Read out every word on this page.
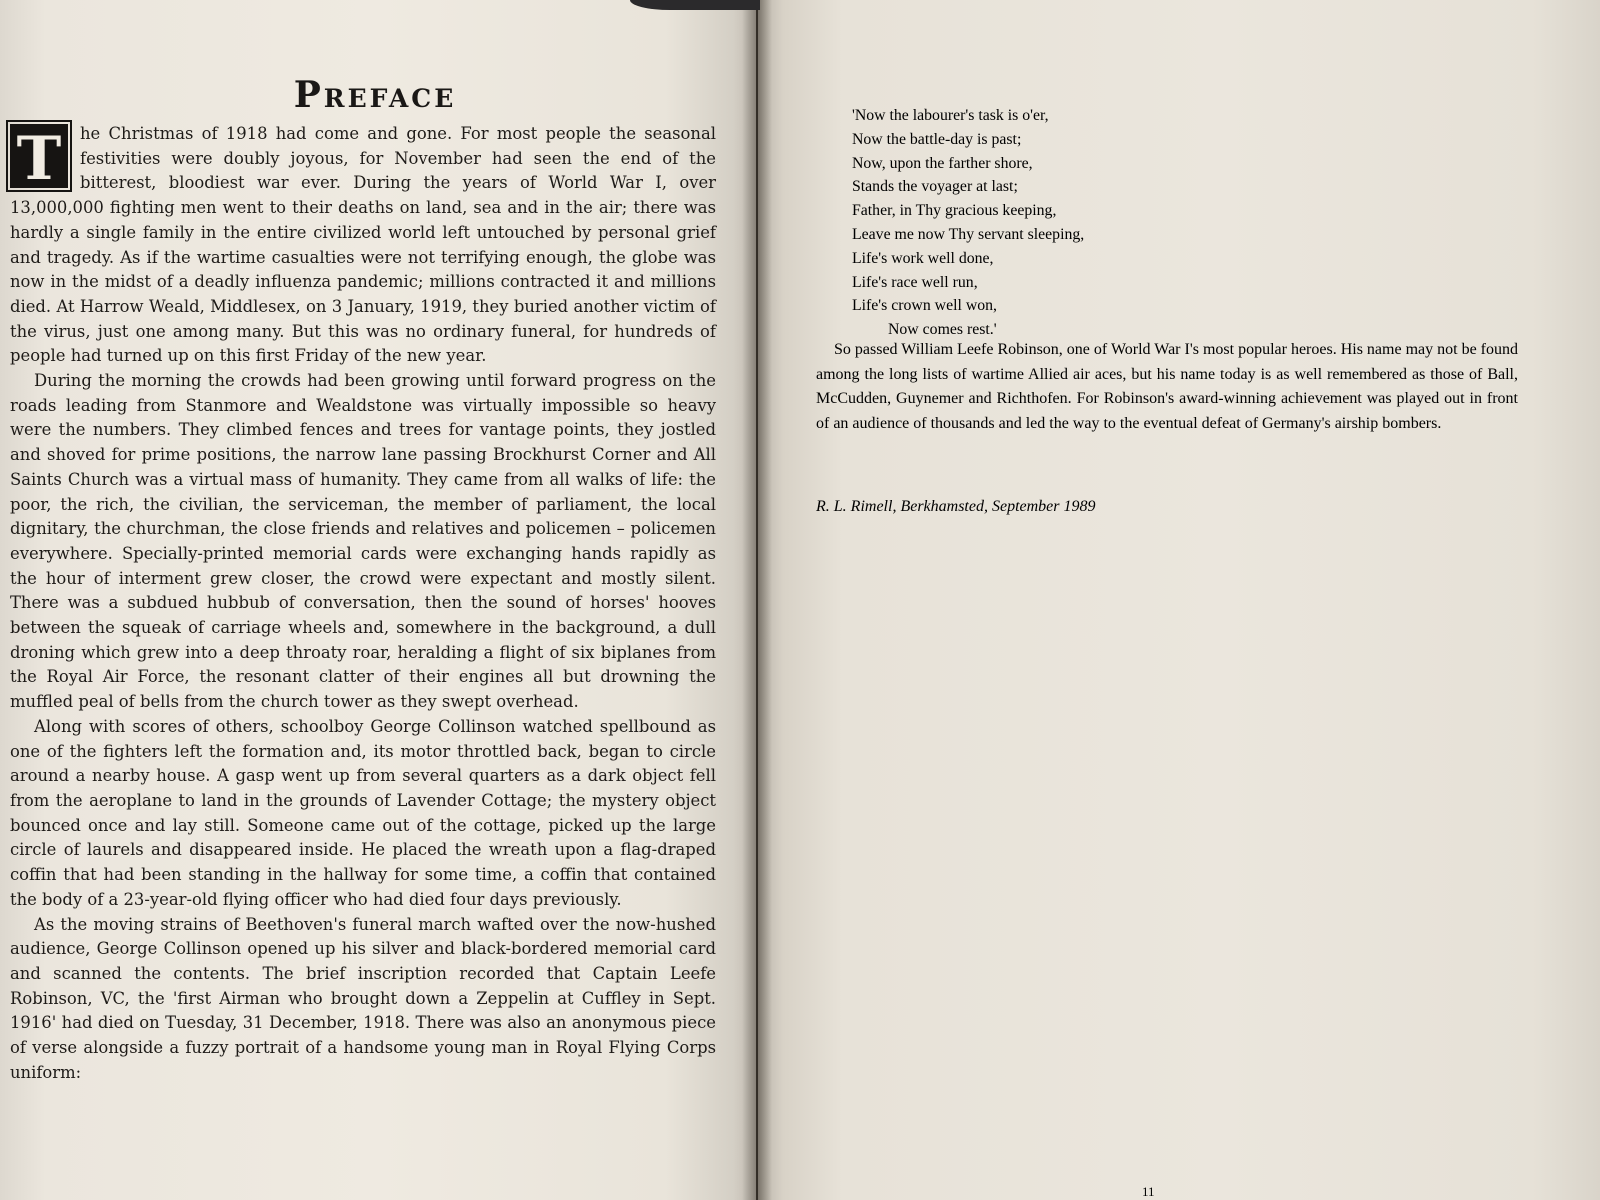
Preface

T	he Christmas of 1918 had come and gone. For most people the seasonal festivities were doubly joyous, for November had seen the end of the bitterest, bloodiest war ever. During the years of World War I, over 13,000,000 fighting men went to their deaths on land, sea and in the air; there was hardly a single family in the entire civilized world left untouched by personal grief and tragedy. As if the wartime casualties were not terrifying enough, the globe was now in the midst of a deadly influenza pandemic; millions contracted it and millions died. At Harrow Weald, Middlesex, on 3 January, 1919, they buried another victim of the virus, just one among many. But this was no ordinary funeral, for hundreds of people had turned up on this first Friday of the new year.

During the morning the crowds had been growing until forward progress on the roads leading from Stanmore and Wealdstone was virtually impossible so heavy were the numbers. They climbed fences and trees for vantage points, they jostled and shoved for prime positions, the narrow lane passing Brockhurst Corner and All Saints Church was a virtual mass of humanity. They came from all walks of life: the poor, the rich, the civilian, the serviceman, the member of parliament, the local dignitary, the churchman, the close friends and relatives and policemen – policemen everywhere. Specially-printed memorial cards were exchanging hands rapidly as the hour of interment grew closer, the crowd were expectant and mostly silent. There was a subdued hubbub of conversation, then the sound of horses' hooves between the squeak of carriage wheels and, somewhere in the background, a dull droning which grew into a deep throaty roar, heralding a flight of six biplanes from the Royal Air Force, the resonant clatter of their engines all but drowning the muffled peal of bells from the church tower as they swept overhead.

Along with scores of others, schoolboy George Collinson watched spellbound as one of the fighters left the formation and, its motor throttled back, began to circle around a nearby house. A gasp went up from several quarters as a dark object fell from the aeroplane to land in the grounds of Lavender Cottage; the mystery object bounced once and lay still. Someone came out of the cottage, picked up the large circle of laurels and disappeared inside. He placed the wreath upon a flag-draped coffin that had been standing in the hallway for some time, a coffin that contained the body of a 23-year-old flying officer who had died four days previously.

As the moving strains of Beethoven's funeral march wafted over the now-hushed audience, George Collinson opened up his silver and black-bordered memorial card and scanned the contents. The brief inscription recorded that Captain Leefe Robinson, VC, the 'first Airman who brought down a Zeppelin at Cuffley in Sept. 1916' had died on Tuesday, 31 December, 1918. There was also an anonymous piece of verse alongside a fuzzy portrait of a handsome young man in Royal Flying Corps uniform:

'Now the labourer's task is o'er,
Now the battle-day is past;
Now, upon the farther shore,
Stands the voyager at last;
Father, in Thy gracious keeping,
Leave me now Thy servant sleeping,
Life's work well done,
Life's race well run,
Life's crown well won,
Now comes rest.'

So passed William Leefe Robinson, one of World War I's most popular heroes. His name may not be found among the long lists of wartime Allied air aces, but his name today is as well remembered as those of Ball, McCudden, Guynemer and Richthofen. For Robinson's award-winning achievement was played out in front of an audience of thousands and led the way to the eventual defeat of Germany's airship bombers.

R. L. Rimell, Berkhamsted, September 1989

11
